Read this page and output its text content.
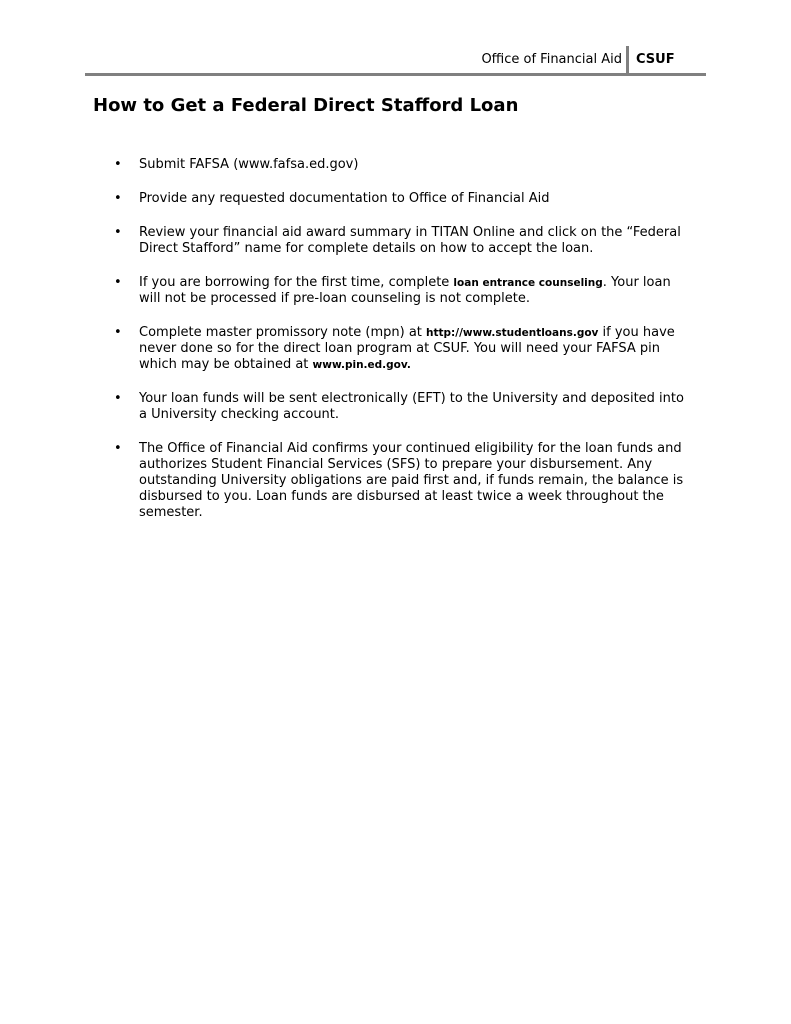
Office of Financial Aid CSUF
How to Get a Federal Direct Stafford Loan
• Submit FAFSA (www.fafsa.ed.gov)
• Provide any requested documentation to Office of Financial Aid
• Review your financial aid award summary in TITAN Online and click on the “Federal Direct Stafford” name for complete details on how to accept the loan.
• If you are borrowing for the first time, complete loan entrance counseling. Your loan will not be processed if pre-loan counseling is not complete.
• Complete master promissory note (mpn) at http://www.studentloans.gov if you have never done so for the direct loan program at CSUF. You will need your FAFSA pin which may be obtained at www.pin.ed.gov.
• Your loan funds will be sent electronically (EFT) to the University and deposited into a University checking account.
• The Office of Financial Aid confirms your continued eligibility for the loan funds and authorizes Student Financial Services (SFS) to prepare your disbursement. Any outstanding University obligations are paid first and, if funds remain, the balance is disbursed to you. Loan funds are disbursed at least twice a week throughout the semester.
